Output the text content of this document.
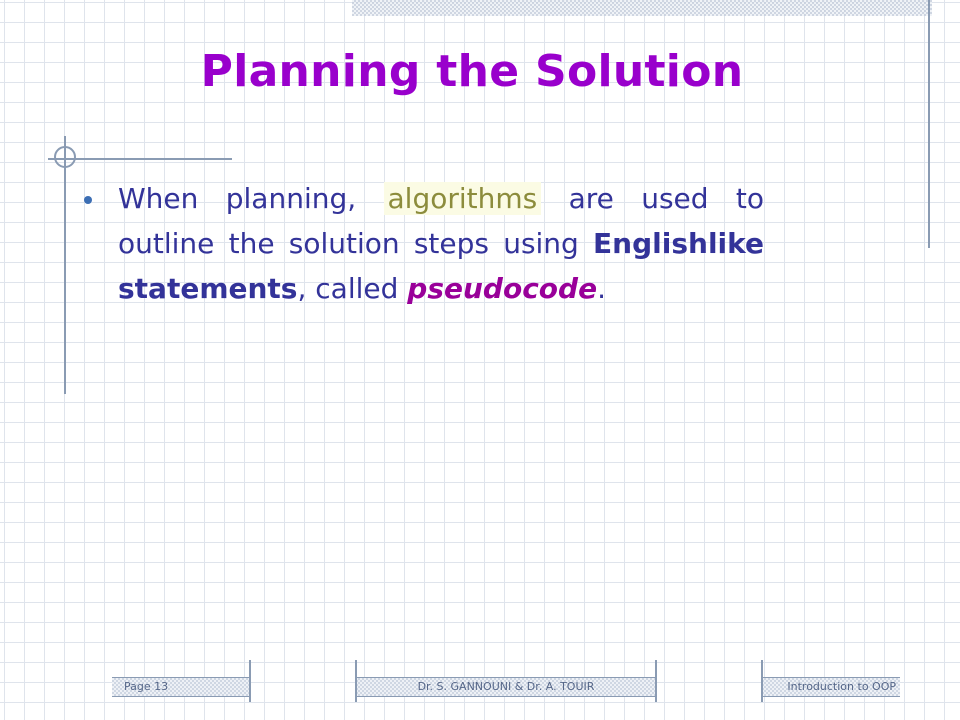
Planning the Solution

When planning, algorithms are used to outline the solution steps using Englishlike statements, called pseudocode.

Page 13	Dr. S. GANNOUNI & Dr. A. TOUIR	Introduction to OOP
